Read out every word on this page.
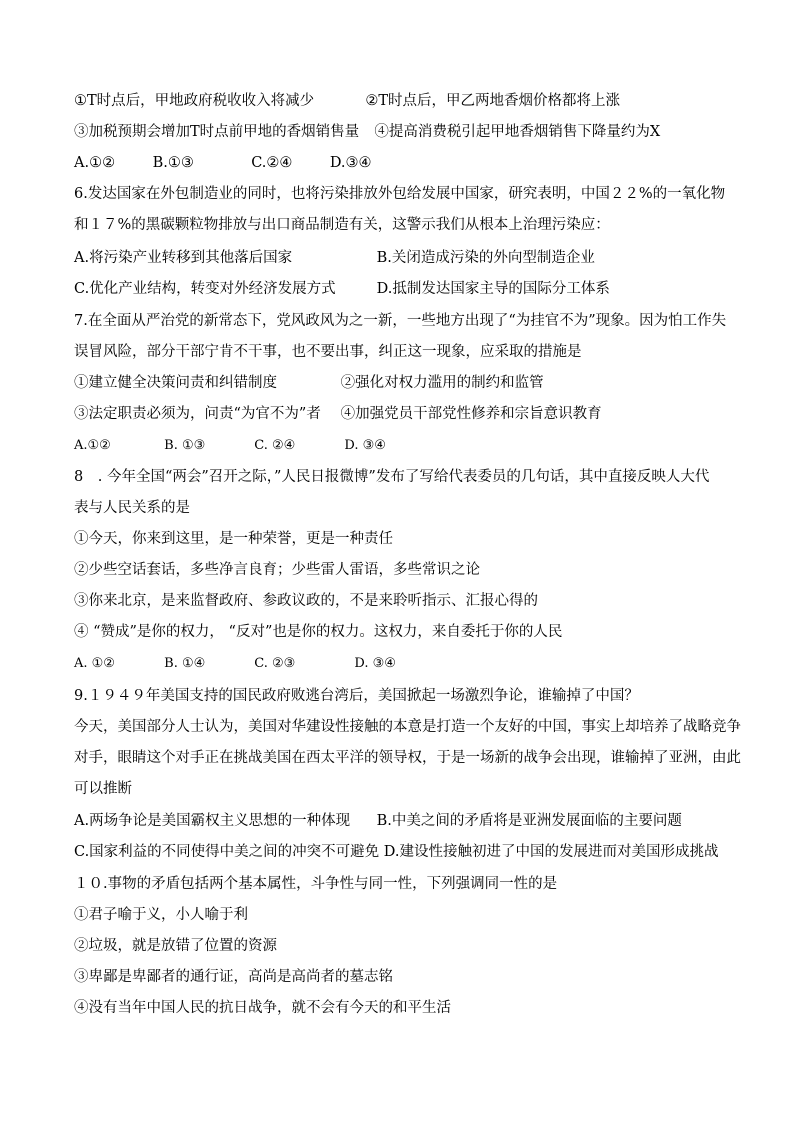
①T时点后，甲地政府税收收入将减少	②T时点后，甲乙两地香烟价格都将上涨
③加税预期会增加T时点前甲地的香烟销售量 ④提高消费税引起甲地香烟销售下降量约为X
A.①②	B.①③	C.②④	D.③④
6.发达国家在外包制造业的同时，也将污染排放外包给发展中国家，研究表明，中国２２%的一氧化物
和１７%的黑碳颗粒物排放与出口商品制造有关，这警示我们从根本上治理污染应：
A.将污染产业转移到其他落后国家	B.关闭造成污染的外向型制造企业
C.优化产业结构，转变对外经济发展方式	D.抵制发达国家主导的国际分工体系
7.在全面从严治党的新常态下，党风政风为之一新，一些地方出现了“为挂官不为”现象。因为怕工作失
误冒风险，部分干部宁肯不干事，也不要出事，纠正这一现象，应采取的措施是
①建立健全决策问责和纠错制度	②强化对权力滥用的制约和监管
③法定职责必须为，问责“为官不为”者 ④加强党员干部党性修养和宗旨意识教育
A.①②	B. ①③	C. ②④	D. ③④
8　. 今年全国“两会”召开之际，”人民日报微博”发布了写给代表委员的几句话，其中直接反映人大代
表与人民关系的是
①今天，你来到这里，是一种荣誉，更是一种责任
②少些空话套话，多些净言良育；少些雷人雷语，多些常识之论
③你来北京，是来监督政府、参政议政的，不是来聆听指示、汇报心得的
④ “赞成”是你的权力， “反对”也是你的权力。这权力，来自委托于你的人民
A. ①②	B. ①④	C. ②③	D. ③④
9.１９４９年美国支持的国民政府败逃台湾后，美国掀起一场激烈争论，谁输掉了中国？
今天，美国部分人士认为，美国对华建设性接触的本意是打造一个友好的中国，事实上却培养了战略竞争
对手，眼睛这个对手正在挑战美国在西太平洋的领导权，于是一场新的战争会出现，谁输掉了亚洲，由此
可以推断
A.两场争论是美国霸权主义思想的一种体现 B.中美之间的矛盾将是亚洲发展面临的主要问题
C.国家利益的不同使得中美之间的冲突不可避免 D.建设性接触初进了中国的发展进而对美国形成挑战
１０.事物的矛盾包括两个基本属性，斗争性与同一性，下列强调同一性的是
①君子喻于义，小人喻于利
②垃圾，就是放错了位置的资源
③卑鄙是卑鄙者的通行证，高尚是高尚者的墓志铭
④没有当年中国人民的抗日战争，就不会有今天的和平生活
